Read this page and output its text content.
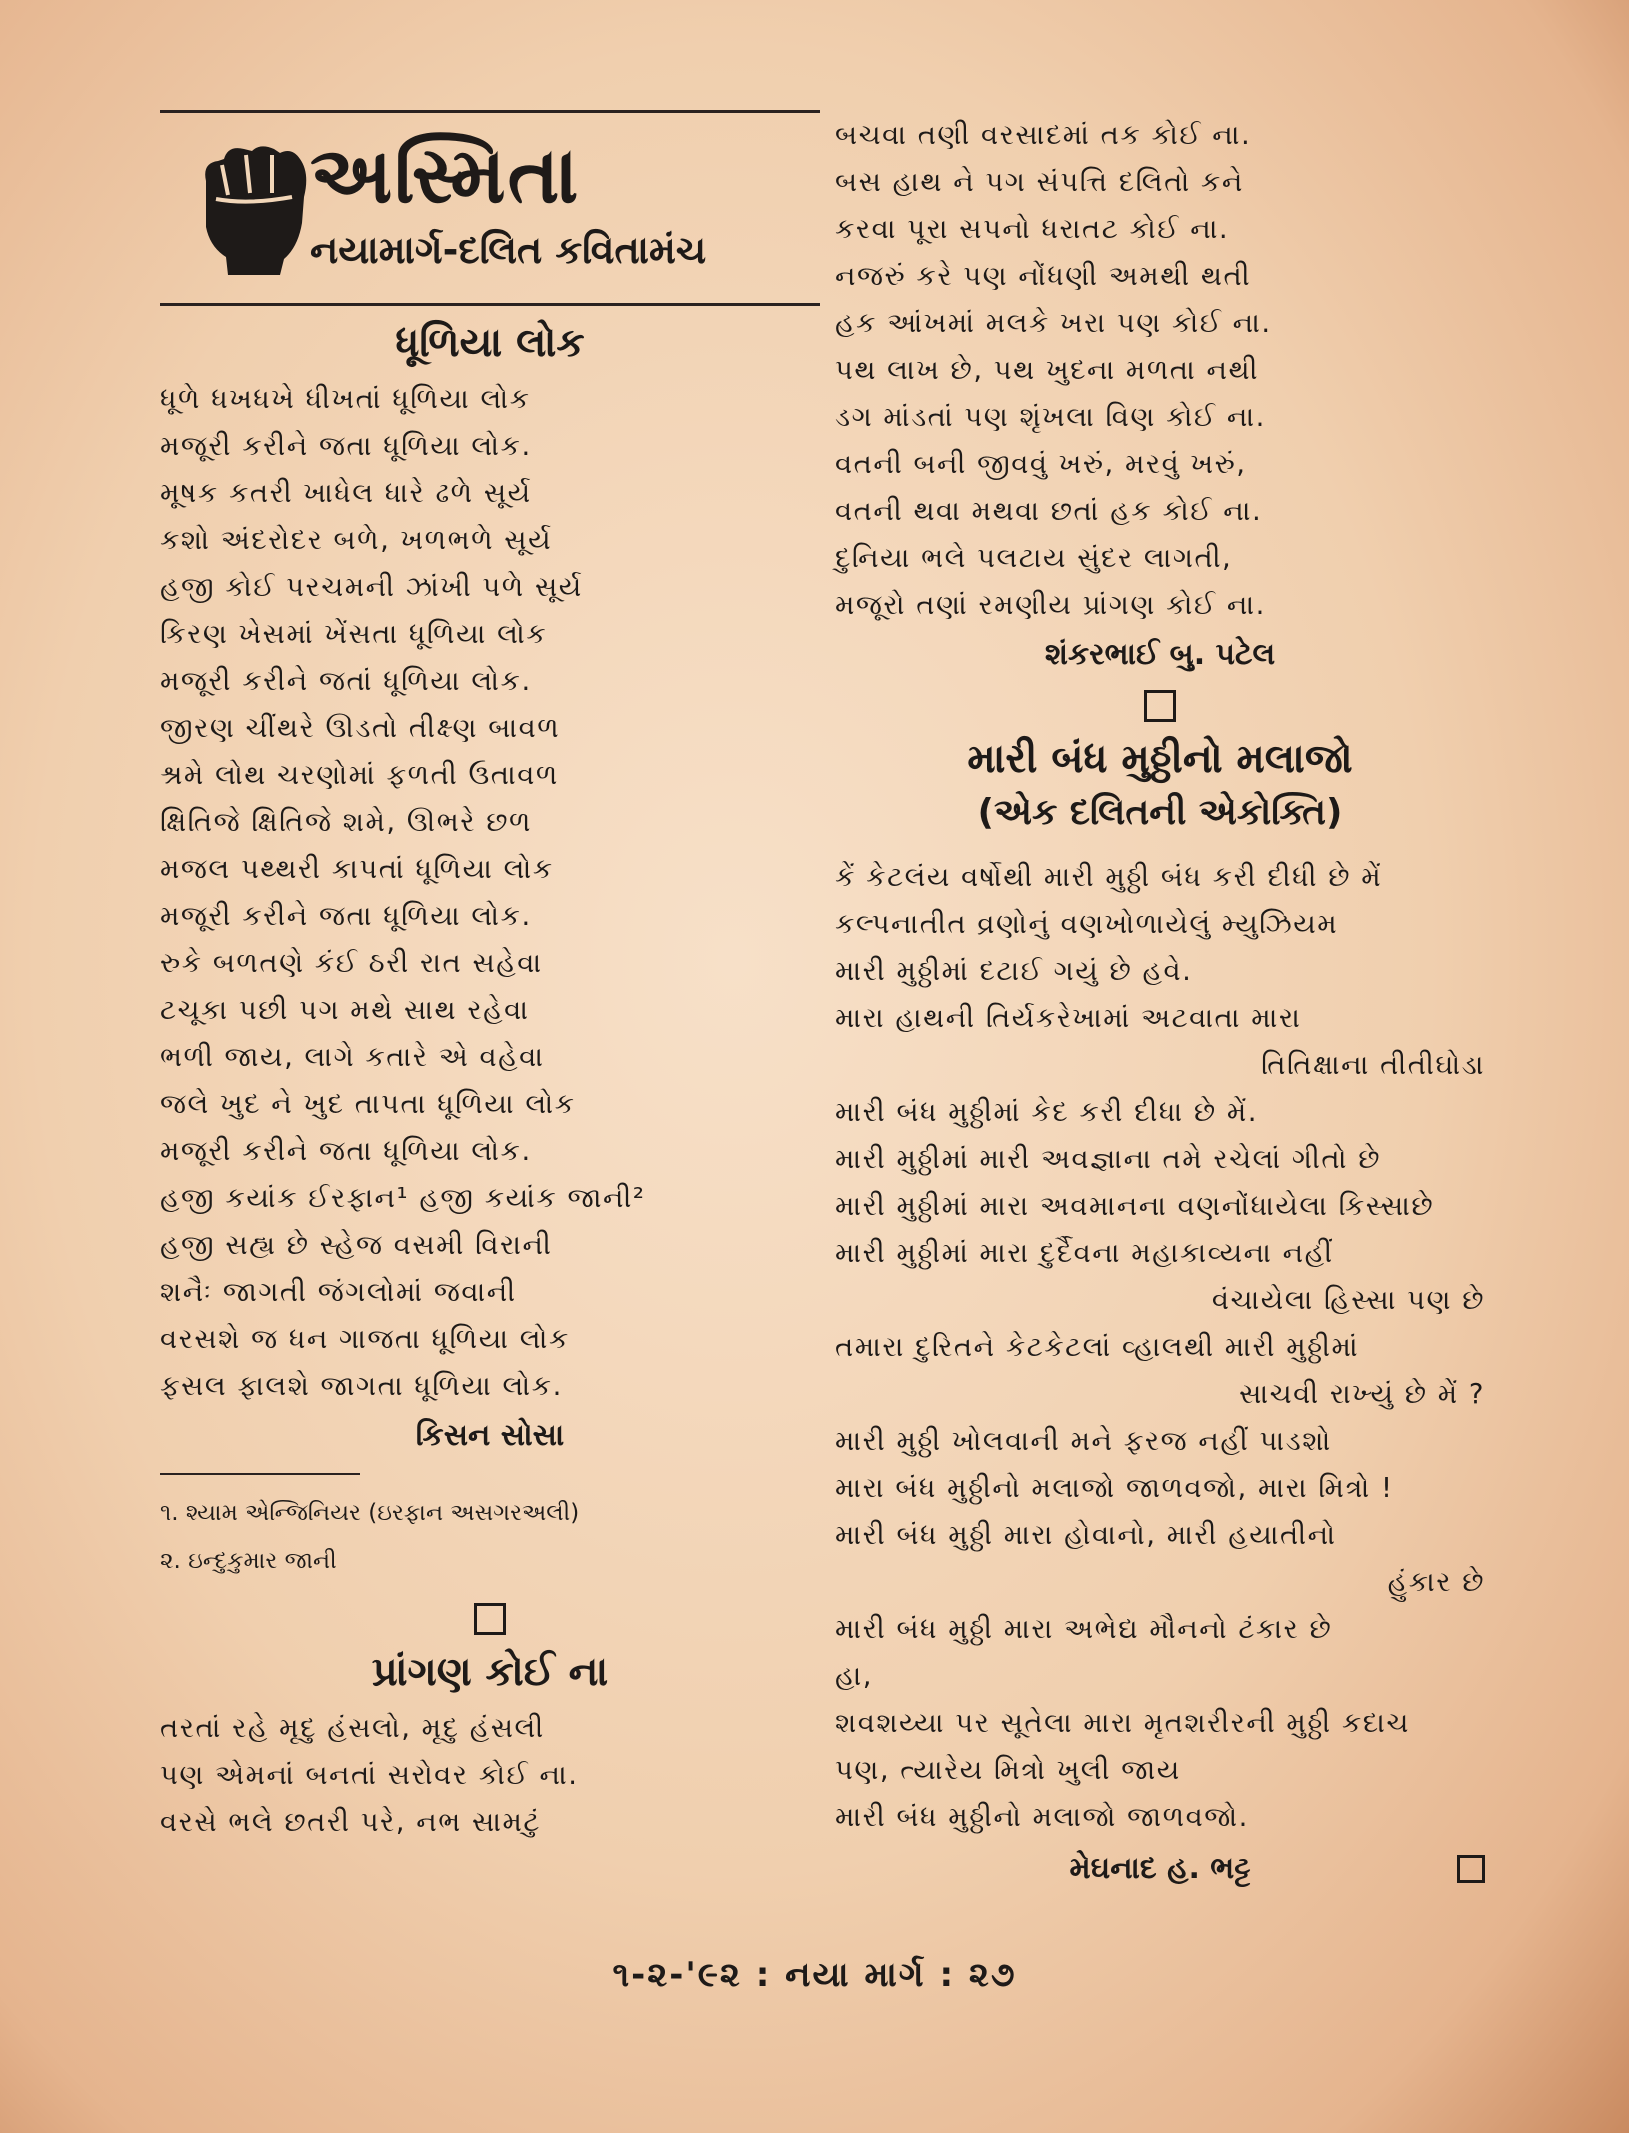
અસ્મિતા
નયામાર્ગ-દલિત કવિતામંચ
ધૂળિયા લોક

ધૂળે ધખધખે ધીખતાં ધૂળિયા લોક

મજૂરી કરીને જતા ધૂળિયા લોક.

મૂષક કતરી ખાધેલ ધારે ઢળે સૂર્ય

કશો અંદરોદર બળે, ખળભળે સૂર્ય

હજી કોઈ પરચમની ઝાંખી પળે સૂર્ય

કિરણ ખેસમાં ખેંસતા ધૂળિયા લોક

મજૂરી કરીને જતાં ધૂળિયા લોક.

જીરણ ચીંથરે ઊડતો તીક્ષ્ણ બાવળ

શ્રમે લોથ ચરણોમાં ફળતી ઉતાવળ

ક્ષિતિજે ક્ષિતિજે શમે, ઊભરે છળ

મજલ પથ્થરી કાપતાં ધૂળિયા લોક

મજૂરી કરીને જતા ધૂળિયા લોક.

રુકે બળતણે કંઈ ઠરી રાત સહેવા

ટચૂકા પછી પગ મથે સાથ રહેવા

ભળી જાય, લાગે કતારે એ વહેવા

જલે ખુદ ને ખુદ તાપતા ધૂળિયા લોક

મજૂરી કરીને જતા ધૂળિયા લોક.

હજી કયાંક ઈરફાન¹ હજી કયાંક જાની²

હજી સહ્ય છે સ્હેજ વસમી વિરાની

શનૈઃ જાગતી જંગલોમાં જવાની

વરસશે જ ધન ગાજતા ધૂળિયા લોક

ફસલ ફાલશે જાગતા ધૂળિયા લોક.

કિસન સોસા

૧. શ્યામ એન્જિનિયર (ઇરફાન અસગરઅલી)

૨. ઇન્દુકુમાર જાની

પ્રાંગણ કોઈ ના

તરતાં રહે મૃદુ હંસલો, મૃદુ હંસલી

પણ એમનાં બનતાં સરોવર કોઈ ના.

વરસે ભલે છતરી પરે, નભ સામટું

બચવા તણી વરસાદમાં તક કોઈ ના.

બસ હાથ ને પગ સંપત્તિ દલિતો કને

કરવા પૂરા સપનો ધરાતટ કોઈ ના.

નજરું કરે પણ નોંધણી અમથી થતી

હક આંખમાં મલકે ખરા પણ કોઈ ના.

પથ લાખ છે, પથ ખુદના મળતા નથી

ડગ માંડતાં પણ શૃંખલા વિણ કોઈ ના.

વતની બની જીવવું ખરું, મરવું ખરું,

વતની થવા મથવા છતાં હક કોઈ ના.

દુનિયા ભલે પલટાય સુંદર લાગતી,

મજૂરો તણાં રમણીય પ્રાંગણ કોઈ ના.

શંકરભાઈ બુ. પટેલ
મારી બંધ મુઠ્ઠીનો મલાજો
(એક દલિતની એકોક્તિ)

કેં કેટલંય વર્ષોથી મારી મુઠ્ઠી બંધ કરી દીધી છે મેં

કલ્પનાતીત વ્રણોનું વણખોળાયેલું મ્યુઝિયમ

મારી મુઠ્ઠીમાં દટાઈ ગયું છે હવે.

મારા હાથની તિર્યકરેખામાં અટવાતા મારા

તિતિક્ષાના તીતીઘોડા

મારી બંધ મુઠ્ઠીમાં કેદ કરી દીધા છે મેં.

મારી મુઠ્ઠીમાં મારી અવજ્ઞાના તમે રચેલાં ગીતો છે

મારી મુઠ્ઠીમાં મારા અવમાનના વણનોંધાયેલા કિસ્સાછે

મારી મુઠ્ઠીમાં મારા દુર્દૈવના મહાકાવ્યના નહીં

વંચાયેલા હિસ્સા પણ છે

તમારા દુરિતને કેટકેટલાં વ્હાલથી મારી મુઠ્ઠીમાં

સાચવી રાખ્યું છે મેં ?

મારી મુઠ્ઠી ખોલવાની મને ફરજ નહીં પાડશો

મારા બંધ મુઠ્ઠીનો મલાજો જાળવજો, મારા મિત્રો !

મારી બંધ મુઠ્ઠી મારા હોવાનો, મારી હયાતીનો

હુંકાર છે

મારી બંધ મુઠ્ઠી મારા અભેદ્ય મૌનનો ટંકાર છે

હા,

શવશય્યા પર સૂતેલા મારા મૃતશરીરની મુઠ્ઠી કદાચ

પણ, ત્યારેય મિત્રો ખુલી જાય

મારી બંધ મુઠ્ઠીનો મલાજો જાળવજો.

મેઘનાદ હ. ભટ્ટ
૧-૨-'૯૨ : નયા માર્ગ : ૨૭
